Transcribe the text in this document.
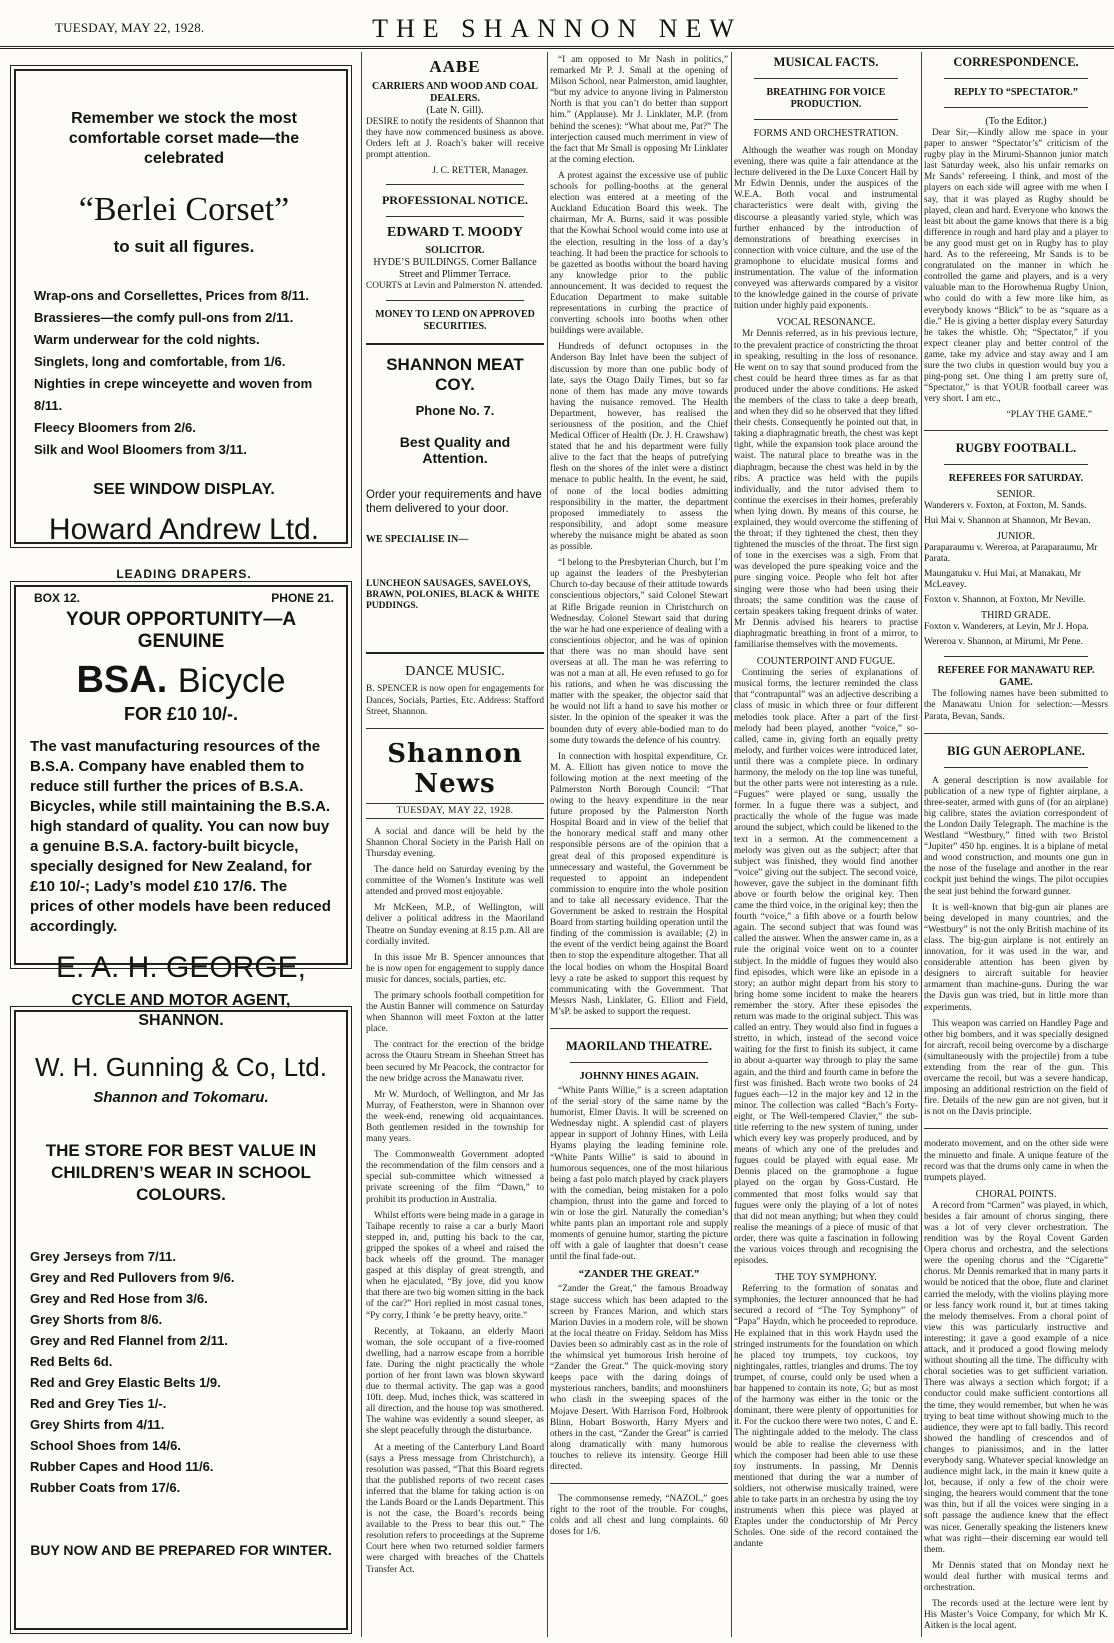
TUESDAY, MAY 22, 1928.	THE SHANNON NEW
Remember we stock the most comfortable corset made—the celebrated
“Berlei Corset”
to suit all figures.
Wrap-ons and Corsellettes, Prices from 8/11.
Brassieres—the comfy pull-ons from 2/11.
Warm underwear for the cold nights.
Singlets, long and comfortable, from 1/6.
Nighties in crepe winceyette and woven from 8/11.
Fleecy Bloomers from 2/6.
Silk and Wool Bloomers from 3/11.
SEE WINDOW DISPLAY.
Howard Andrew Ltd.
LEADING DRAPERS.
BOX 12.	PHONE 21.
YOUR OPPORTUNITY—A GENUINE
BSA. Bicycle
FOR £10 10/-.
The vast manufacturing resources of the B.S.A. Company have enabled them to reduce still further the prices of B.S.A. Bicycles, while still maintaining the B.S.A. high standard of quality. You can now buy a genuine B.S.A. factory-built bicycle, specially designed for New Zealand, for £10 10/-; Lady’s model £10 17/6. The prices of other models have been reduced accordingly.
E. A. H. GEORGE,
CYCLE AND MOTOR AGENT,
SHANNON.
W. H. Gunning & Co, Ltd.
Shannon and Tokomaru.
THE STORE FOR BEST VALUE IN CHILDREN’S WEAR IN SCHOOL COLOURS.
Grey Jerseys from 7/11.
Grey and Red Pullovers from 9/6.
Grey and Red Hose from 3/6.
Grey Shorts from 8/6.
Grey and Red Flannel from 2/11.
Red Belts 6d.
Red and Grey Elastic Belts 1/9.
Red and Grey Ties 1/-.
Grey Shirts from 4/11.
School Shoes from 14/6.
Rubber Capes and Hood 11/6.
Rubber Coats from 17/6.
BUY NOW AND BE PREPARED FOR WINTER.
AABE
CARRIERS AND WOOD AND COAL DEALERS.
(Late N. Gill).

DESIRE to notify the residents of Shannon that they have now commenced business as above. Orders left at J. Roach’s baker will receive prompt attention.

J. C. RETTER, Manager.
PROFESSIONAL NOTICE.
EDWARD T. MOODY
SOLICITOR.
HYDE’S BUILDINGS. Corner Ballance Street and Plimmer Terrace.

COURTS at Levin and Palmerston N. attended.

MONEY TO LEND ON APPROVED SECURITIES.
SHANNON MEAT COY.
Phone No. 7.
Best Quality and Attention.
Order your requirements and have them delivered to your door.
WE SPECIALISE IN—
LUNCHEON SAUSAGES, SAVELOYS, BRAWN, POLONIES, BLACK & WHITE PUDDINGS.
DANCE MUSIC.

B. SPENCER is now open for engagements for Dances, Socials, Parties, Etc. Address: Stafford Street, Shannon.

Shannon News
TUESDAY, MAY 22, 1928.

A social and dance will be held by the Shannon Choral Society in the Parish Hall on Thursday evening.

The dance held on Saturday evening by the committee of the Women’s Institute was well attended and proved most enjoyable.

Mr McKeen, M.P., of Wellington, will deliver a political address in the Maoriland Theatre on Sunday evening at 8.15 p.m. All are cordially invited.

In this issue Mr B. Spencer announces that he is now open for engagement to supply dance music for dances, socials, parties, etc.

The primary schools football competition for the Austin Banner will commence on Saturday when Shannon will meet Foxton at the latter place.

The contract for the erection of the bridge across the Otauru Stream in Sheehan Street has been secured by Mr Peacock, the contractor for the new bridge across the Manawatu river.

Mr W. Murdoch, of Wellington, and Mr Jas Murray, of Featherston, were in Shannon over the week-end, renewing old acquaintances. Both gentlemen resided in the township for many years.

The Commonwealth Government adopted the recommendation of the film censors and a special sub-committee which witnessed a private screening of the film “Dawn,” to prohibit its production in Australia.

Whilst efforts were being made in a garage in Taihape recently to raise a car a burly Maori stepped in, and, putting his back to the car, gripped the spokes of a wheel and raised the back wheels off the ground. The manager gasped at this display of great strength, and when he ejaculated, “By jove, did you know that there are two big women sitting in the back of the car?” Hori replied in most casual tones, “Py corry, I think ’e be pretty heavy, orite.”

Recently, at Tokaanu, an elderly Maori woman, the sole occupant of a five-roomed dwelling, had a narrow escape from a horrible fate. During the night practically the whole portion of her front lawn was blown skyward due to thermal activity. The gap was a good 10ft. deep. Mud, inches thick, was scattered in all direction, and the house top was smothered. The wahine was evidently a sound sleeper, as she slept peacefully through the disturbance.

At a meeting of the Canterbury Land Board (says a Press message from Christchurch), a resolution was passed, “That this Board regrets that the published reports of two recent cases inferred that the blame for taking action is on the Lands Board or the Lands Department. This is not the case, the Board’s records being available to the Press to bear this out.” The resolution refers to proceedings at the Supreme Court here when two returned soldier farmers were charged with breaches of the Chattels Transfer Act.

“I am opposed to Mr Nash in politics,” remarked Mr P. J. Small at the opening of Milson School, near Palmerston, amid laughter, “but my advice to anyone living in Palmerston North is that you can’t do better than support him.” (Applause). Mr J. Linklater, M.P. (from behind the scenes): “What about me, Pat?” The interjection caused much merriment in view of the fact that Mr Small is opposing Mr Linklater at the coming election.

A protest against the excessive use of public schools for polling-booths at the general election was entered at a meeting of the Auckland Education Board this week. The chairman, Mr A. Burns, said it was possible that the Kowhai School would come into use at the election, resulting in the loss of a day’s teaching. It had been the practice for schools to be gazetted as booths without the board having any knowledge prior to the public announcement. It was decided to request the Education Department to make suitable representations in curbing the practice of converting schools into booths when other buildings were available.

Hundreds of defunct octopuses in the Anderson Bay Inlet have been the subject of discussion by more than one public body of late, says the Otago Daily Times, but so far none of them has made any move towards having the nuisance removed. The Health Department, however, has realised the seriousness of the position, and the Chief Medical Officer of Health (Dr. J. H. Crawshaw) stated that he and his department were fully alive to the fact that the heaps of putrefying flesh on the shores of the inlet were a distinct menace to public health. In the event, he said, of none of the local bodies admitting responsibility in the matter, the department proposed immediately to assess the responsibility, and adopt some measure whereby the nuisance might be abated as soon as possible.

“I belong to the Presbyterian Church, but I’m up against the leaders of the Presbyterian Church to-day because of their attitude towards conscientious objectors,” said Colonel Stewart at Rifle Brigade reunion in Christchurch on Wednesday. Colonel Stewart said that during the war he had one experience of dealing with a conscientious objector, and he was of opinion that there was no man should have sent overseas at all. The man he was referring to was not a man at all. He even refused to go for his rations, and when he was discussing the matter with the speaker, the objector said that he would not lift a hand to save his mother or sister. In the opinion of the speaker it was the bounden duty of every able-bodied man to do some duty towards the defence of his country.

In connection with hospital expenditure, Cr. M. A. Elliott has given notice to move the following motion at the next meeting of the Palmerston North Borough Council: “That owing to the heavy expenditure in the near future proposed by the Palmerston North Hospital Board and in view of the belief that the honorary medical staff and many other responsible persons are of the opinion that a great deal of this proposed expenditure is unnecessary and wasteful, the Government be requested to appoint an independent commission to enquire into the whole position and to take all necessary evidence. That the Government be asked to restrain the Hospital Board from starting building operation until the finding of the commission is available; (2) in the event of the verdict being against the Board then to stop the expenditure altogether. That all the local bodies on whom the Hospital Board levy a rate be asked to support this request by communicating with the Government. That Messrs Nash, Linklater, G. Elliott and Field, M’sP. be asked to support the request.

MAORILAND THEATRE.
JOHNNY HINES AGAIN.

“White Pants Willie,” is a screen adaptation of the serial story of the same name by the humorist, Elmer Davis. It will be screened on Wednesday night. A splendid cast of players appear in support of Johnny Hines, with Leila Hyams playing the leading feminine role. “White Pants Willie” is said to abound in humorous sequences, one of the most hilarious being a fast polo match played by crack players with the comedian, being mistaken for a polo champion, thrust into the game and forced to win or lose the girl. Naturally the comedian’s white pants plan an important role and supply moments of genuine humor, starting the picture off with a gale of laughter that doesn’t cease until the final fade-out.

“ZANDER THE GREAT.”

“Zander the Great,” the famous Broadway stage success which has been adapted to the screen by Frances Marion, and which stars Marion Davies in a modern role, will be shown at the local theatre on Friday. Seldom has Miss Davies been so admirably cast as in the role of the whimsical yet humorous Irish heroine of “Zander the Great.” The quick-moving story keeps pace with the daring doings of mysterious ranchers, bandits, and moonshiners who clash in the sweeping spaces of the Mojave Desert. With Harrison Ford, Holbrook Blinn, Hobart Bosworth, Harry Myers and others in the cast, “Zander the Great” is carried along dramatically with many humorous touches to relieve its intensity. George Hill directed.

The commonsense remedy, “NAZOL,” goes right to the root of the trouble. For coughs, colds and all chest and lung complaints. 60 doses for 1/6.

MUSICAL FACTS.
BREATHING FOR VOICE PRODUCTION.
FORMS AND ORCHESTRATION.

Although the weather was rough on Monday evening, there was quite a fair attendance at the lecture delivered in the De Luxe Concert Hall by Mr Edwin Dennis, under the auspices of the W.E.A. Both vocal and instrumental characteristics were dealt with, giving the discourse a pleasantly varied style, which was further enhanced by the introduction of demonstrations of breathing exercises in connection with voice culture, and the use of the gramophone to elucidate musical forms and instrumentation. The value of the information conveyed was afterwards compared by a visitor to the knowledge gained in the course of private tuition under highly paid exponents.

VOCAL RESONANCE.

Mr Dennis referred, as in his previous lecture, to the prevalent practice of constricting the throat in speaking, resulting in the loss of resonance. He went on to say that sound produced from the chest could be heard three times as far as that produced under the above conditions. He asked the members of the class to take a deep breath, and when they did so he observed that they lifted their chests. Consequently he pointed out that, in taking a diaphragmatic breath, the chest was kept tight, while the expansion took place around the waist. The natural place to breathe was in the diaphragm, because the chest was held in by the ribs. A practice was held with the pupils individually, and the tutor advised them to continue the exercises in their homes, preferably when lying down. By means of this course, he explained, they would overcome the stiffening of the throat; if they tightened the chest, then they tightened the muscles of the throat. The first sign of tone in the exercises was a sigh. From that was developed the pure speaking voice and the pure singing voice. People who felt hot after singing were those who had been using their throats; the same condition was the cause of certain speakers taking frequent drinks of water. Mr Dennis advised his hearers to practise diaphragmatic breathing in front of a mirror, to familiarise themselves with the movements.

COUNTERPOINT AND FUGUE.

Continuing the series of explanations of musical forms, the lecturer reminded the class that “contrapuntal” was an adjective describing a class of music in which three or four different melodies took place. After a part of the first melody had been played, another “voice,” so-called, came in, giving forth an equally pretty melody, and further voices were introduced later, until there was a complete piece. In ordinary harmony, the melody on the top line was tuneful, but the other parts were not interesting as a rule. “Fugues” were played or sung, usually the former. In a fugue there was a subject, and practically the whole of the fugue was made around the subject, which could be likened to the text in a sermon. At the commencement a melody was given out as the subject; after that subject was finished, they would find another “voice” giving out the subject. The second voice, however, gave the subject in the dominant fifth above or fourth below the original key. Then came the third voice, in the original key; then the fourth “voice,” a fifth above or a fourth below again. The second subject that was found was called the answer. When the answer came in, as a rule the original voice went on to a counter subject. In the middle of fugues they would also find episodes, which were like an episode in a story; an author might depart from his story to bring home some incident to make the hearers remember the story. After these episodes the return was made to the original subject. This was called an entry. They would also find in fugues a stretto, in which, instead of the second voice waiting for the first to finish its subject, it came in about a-quarter way through to play the same again, and the third and fourth came in before the first was finished. Bach wrote two books of 24 fugues each—12 in the major key and 12 in the minor. The collection was called “Bach’s Forty-eight, or The Well-tempered Clavier,” the sub-title referring to the new system of tuning, under which every key was properly produced, and by means of which any one of the preludes and fugues could be played with equal ease. Mr Dennis placed on the gramophone a fugue played on the organ by Goss-Custard. He commented that most folks would say that fugues were only the playing of a lot of notes that did not mean anything; but when they could realise the meanings of a piece of music of that order, there was quite a fascination in following the various voices through and recognising the episodes.

THE TOY SYMPHONY.

Referring to the formation of sonatas and symphonies, the lecturer announced that he had secured a record of “The Toy Symphony” of “Papa” Haydn, which he proceeded to reproduce. He explained that in this work Haydn used the stringed instruments for the foundation on which he placed toy trumpets, toy cuckoos, toy nightingales, rattles, triangles and drums. The toy trumpet, of course, could only be used when a bar happened to contain its note, G; but as most of the harmony was either in the tonic or the dominant, there were plenty of opportunities for it. For the cuckoo there were two notes, C and E. The nightingale added to the melody. The class would be able to realise the cleverness with which the composer had been able to use these toy instruments. In passing, Mr Dennis mentioned that during the war a number of soldiers, not otherwise musically trained, were able to take parts in an orchestra by using the toy instruments when this piece was played at Etaples under the conductorship of Mr Percy Scholes. One side of the record contained the andante

CORRESPONDENCE.
REPLY TO “SPECTATOR.”
(To the Editor.)

Dear Sir,—Kindly allow me space in your paper to answer “Spectator’s” criticism of the rugby play in the Mirumi-Shannon junior match last Saturday week, also his unfair remarks on Mr Sands’ refereeing. I think, and most of the players on each side will agree with me when I say, that it was played as Rugby should be played, clean and hard. Everyone who knows the least bit about the game knows that there is a big difference in rough and hard play and a player to be any good must get on in Rugby has to play hard. As to the refereeing, Mr Sands is to be congratulated on the manner in which he controlled the game and players, and is a very valuable man to the Horowhenua Rugby Union, who could do with a few more like him, as everybody knows “Blick” to be as “square as a die.” He is giving a better display every Saturday he takes the whistle. Oh; “Spectator,” if you expect cleaner play and better control of the game, take my advice and stay away and I am sure the two clubs in question would buy you a ping-pong set. One thing I am pretty sure of, “Spectator,” is that YOUR football career was very short. I am etc.,

“PLAY THE GAME.”
RUGBY FOOTBALL.
REFEREES FOR SATURDAY.
SENIOR.
Wanderers v. Foxton, at Foxton, M. Sands.
Hui Mai v. Shannon at Shannon, Mr Bevan.
JUNIOR.
Paraparaumu v. Wereroa, at Paraparaumu, Mr Parata.
Maungatuku v. Hui Mai, at Manakau, Mr McLeavey.
Foxton v. Shannon, at Foxton, Mr Neville.
THIRD GRADE.
Foxton v. Wanderers, at Levin, Mr J. Hopa.
Wereroa v. Shannon, at Mirumi, Mr Pene.
REFEREE FOR MANAWATU REP. GAME.

The following names have been submitted to the Manawatu Union for selection:—Messrs Parata, Bevan, Sands.

BIG GUN AEROPLANE.

A general description is now available for publication of a new type of fighter airplane, a three-seater, armed with guns of (for an airplane) big calibre, states the aviation correspondent of the London Daily Telegraph. The machine is the Westland “Westbury,” fitted with two Bristol “Jupiter” 450 hp. engines. It is a biplane of metal and wood construction, and mounts one gun in the nose of the fuselage and another in the rear cockpit just behind the wings. The pilot occupies the seat just behind the forward gunner.

It is well-known that big-gun air planes are being developed in many countries, and the “Westbury” is not the only British machine of its class. The big-gun airplane is not entirely an innovation, for it was used in the war, and considerable attention has been given by designers to aircraft suitable for heavier armament than machine-guns. During the war the Davis gun was tried, but in little more than experiments.

This weapon was carried on Handley Page and other big bombers, and it was specially designed for aircraft, recoil being overcome by a discharge (simultaneously with the projectile) from a tube extending from the rear of the gun. This overcame the recoil, but was a severe handicap, imposing an additional restriction on the field of fire. Details of the new gun are not given, but it is not on the Davis principle.

moderato movement, and on the other side were the minuetto and finale. A unique feature of the record was that the drums only came in when the trumpets played.

CHORAL POINTS.

A record from “Carmen” was played, in which, besides a fair amount of chorus singing, there was a lot of very clever orchestration. The rendition was by the Royal Covent Garden Opera chorus and orchestra, and the selections were the opening chorus and the “Cigarette” chorus. Mr Dennis remarked that in many parts it would be noticed that the oboe, flute and clarinet carried the melody, with the violins playing more or less fancy work round it, but at times taking the melody themselves. From a choral point of view this was particularly instructive and interesting; it gave a good example of a nice attack, and it produced a good flowing melody without shouting all the time. The difficulty with choral societies was to get sufficient variation. There was always a section which forgot; if a conductor could make sufficient contortions all the time, they would remember, but when he was trying to beat time without showing much to the audience, they were apt to fall badly. This record showed the handling of crescendos and of changes to pianissimos, and in the latter everybody sang. Whatever special knowledge an audience might lack, in the main it knew quite a lot, because, if only a few of the choir were singing, the hearers would comment that the tone was thin, but if all the voices were singing in a soft passage the audience knew that the effect was nicer. Generally speaking the listeners knew what was right—their discerning ear would tell them.

Mr Dennis stated that on Monday next he would deal further with musical terms and orchestration.

The records used at the lecture were lent by His Master’s Voice Company, for which Mr K. Aitken is the local agent.
